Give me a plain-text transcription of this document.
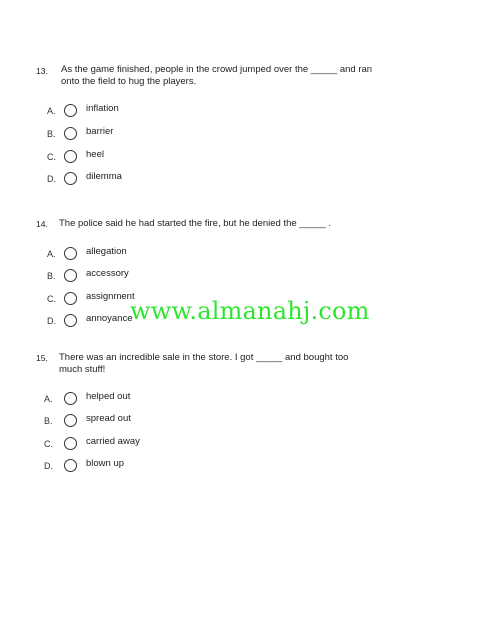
13. As the game finished, people in the crowd jumped over the _____ and ran onto the field to hug the players.
A.	inflation
B.	barrier
C.	heel
D.	dilemma
14. The police said he had started the fire, but he denied the _____ .
A.	allegation
B.	accessory
C.	assignment
D.	annoyance
15. There was an incredible sale in the store. I got _____ and bought too much stuff!
A.	helped out
B.	spread out
C.	carried away
D.	blown up
www.almanahj.com
